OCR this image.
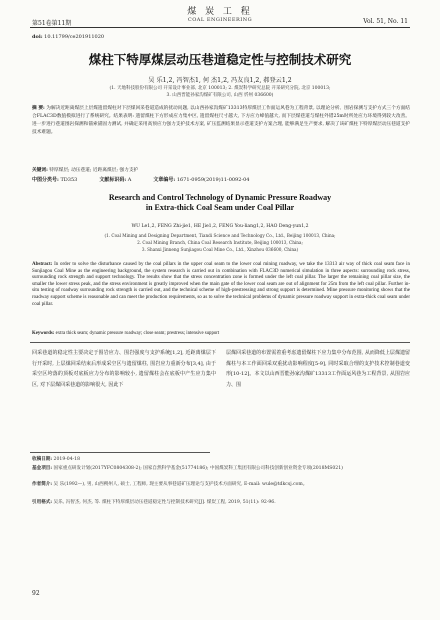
煤 炭 工 程
第51卷第11期	COAL ENGINEERING	Vol. 51, No. 11
doi: 10.11799/ce201911020
煤柱下特厚煤层动压巷道稳定性与控制技术研究
吴 乐1,2, 冯智杰1, 何 杰1,2, 冯友良1,2, 郝登云1,2
(1. 天地科技股份有限公司 开采设计事业部, 北京 100013; 2. 煤炭科学研究总院 开采研究分院, 北京 100013;
3. 山西晋能孙家沟煤矿有限公司, 山西 忻州 036600)
摘 要: 为解决近距离煤层上层煤遗留煤柱对下层煤回采巷道造成的扰动问题, 以山西孙家沟煤矿13313特厚煤层工作面运风巷为工程背景, 以理论分析、围岩探测与支护方式三个方面结合FLAC3D数值模拟进行了系统研究。结果表明: 遗留煤柱下方形成应力集中区, 遗留煤柱尺寸越大, 下方应力峰值越大, 而下层煤巷道与煤柱外错25m时所处应力环境得到较大改善。进一步进行巷道围岩探测和锚索锚固力测试, 并确定采用高预应力强力支护技术方案, 矿压监测结果显示巷道支护方案合理, 能够满足生产要求, 解决了该矿煤柱下特厚煤层动压巷道支护技术难题。
关键词: 特厚煤层; 动压巷道; 近距离煤层; 强力支护
中图分类号: TD353	文献标识码: A	文章编号: 1671-0959(2019)11-0092-04
Research and Control Technology of Dynamic Pressure Roadway
in Extra-thick Coal Seam under Coal Pillar
WU Le1,2, FENG Zhi-jie1, HE Jie1,2, FENG You-liang1,2, HAO Deng-yun1,2
(1. Coal Mining and Designing Department, Tiandi Science and Technology Co., Ltd., Beijing 100013, China;
2. Coal Mining Branch, China Coal Research Institute, Beijing 100013, China;
3. Shanxi Jinneng Sunjiagou Coal Mine Co., Ltd., Xinzhou 036600, China)
Abstract: In order to solve the disturbance caused by the coal pillars in the upper coal seam to the lower coal mining roadway, we take the 13313 air way of thick coal seam face in Sunjiagou Coal Mine as the engineering background, the system research is carried out in combination with FLAC3D numerical simulation in three aspects: surrounding rock stress, surrounding rock strength and support technology. The results show that the stress concentration zone is formed under the left coal pillar. The larger the remaining coal pillar size, the smaller the lower stress peak, and the stress environment is greatly improved when the main gate of the lower coal seam are out of alignment for 25m from the left coal pillar. Further in-situ testing of roadway surrounding rock strength is carried out, and the technical scheme of high-prestressing and strong support is determined. Mine pressure monitoring shows that the roadway support scheme is reasonable and can meet the production requirements, so as to solve the technical problems of dynamic pressure roadway support in extra-thick coal seam under coal pillar.
Keywords: extra thick seam; dynamic pressure roadway; close seam; prestress; intensive support
回采巷道的稳定性主要决定于围岩应力、围岩强度与支护系统[1,2], 近距离煤层下行开采时, 上层煤回采结束后形成采空区与遗留煤柱, 围岩应力重新分布[3,4], 由于采空区垮落的顶板对底板应力分布的影响较小, 遗留煤柱会在底板中产生应力集中区, 对下层煤回采巷道的影响很大, 因此下
层煤回采巷道的布置需着重考虑遗留煤柱下应力集中分布范围, 从而降低上层煤遗留煤柱与本工作面回采双重扰动影响程度[5-9], 同时采取合理的支护技术控制巷道变形[10-12]。本文以山西晋能孙家沟煤矿13313工作面运风巷为工程背景, 从围岩应力、围
收稿日期: 2019-04-18
基金项目: 国家重点研发计划(2017YFC0804308-2); 国家自然科学基金(51774186); 中国煤炭科工集团有限公司科技创新创业资金专项(2018MS021)
作者简介: 吴 乐(1992—), 男, 山西朔州人, 硕士, 工程师, 现主要从事巷道矿压理论与支护技术方面研究, E-mail: wule@tdkcsj.com。
引用格式: 吴乐, 冯智杰, 何杰, 等. 煤柱下特厚煤层动压巷道稳定性与控制技术研究[J]. 煤炭工程, 2019, 51(11): 92-96.
92
